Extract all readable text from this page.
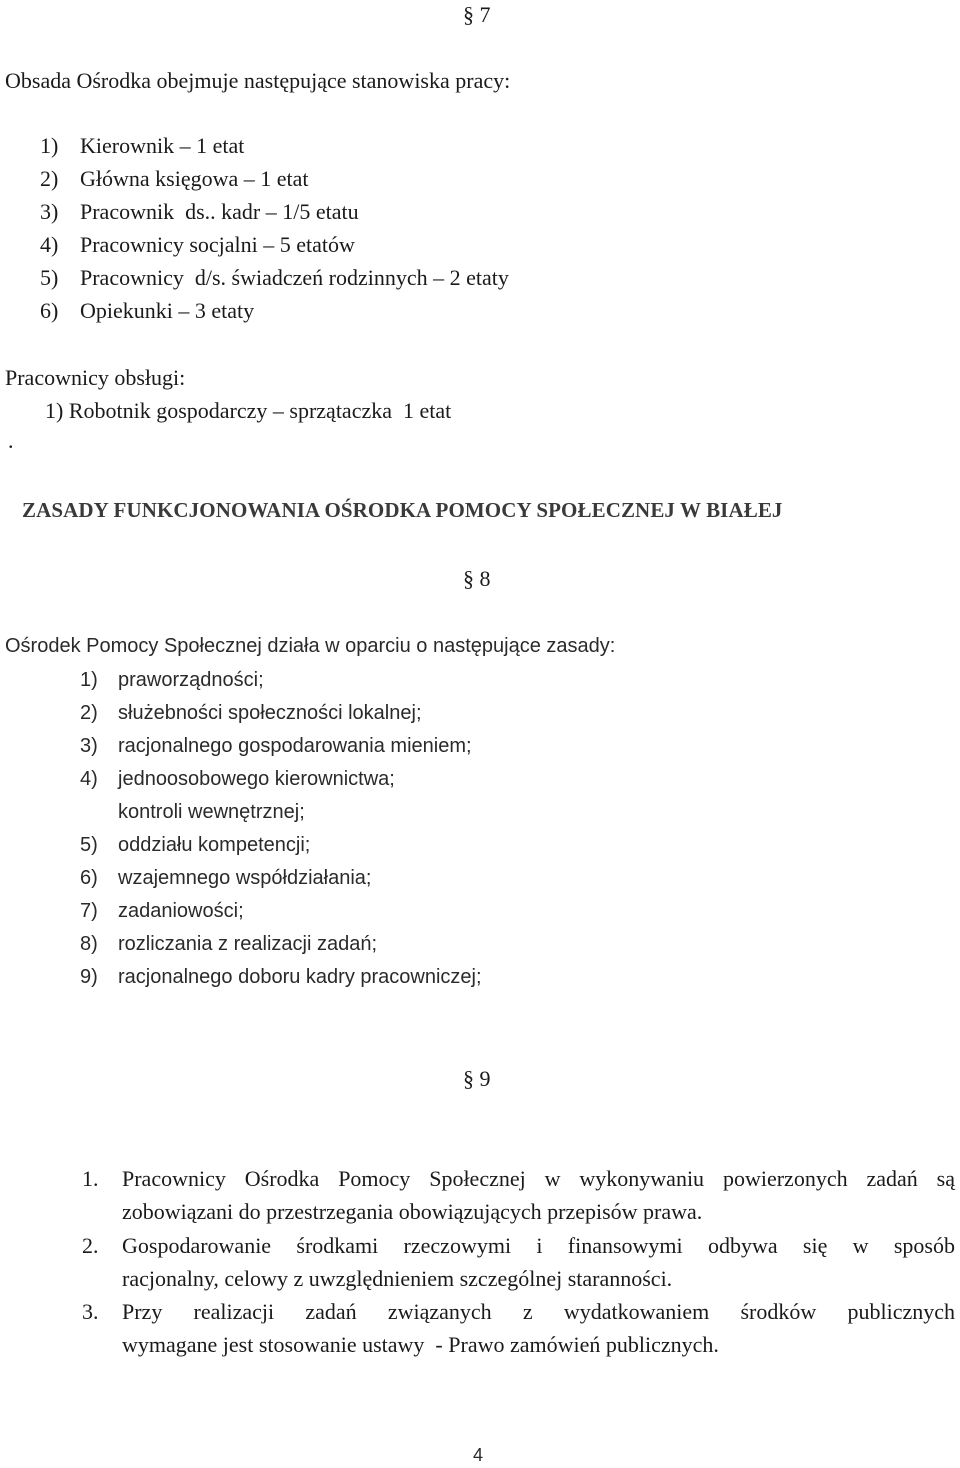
§ 7
Obsada Ośrodka obejmuje następujące stanowiska pracy:
1) Kierownik – 1 etat
2) Główna księgowa – 1 etat
3) Pracownik  ds.. kadr – 1/5 etatu
4) Pracownicy socjalni – 5 etatów
5) Pracownicy  d/s. świadczeń rodzinnych – 2 etaty
6) Opiekunki – 3 etaty
Pracownicy obsługi:
1) Robotnik gospodarczy – sprzątaczka  1 etat
.
ZASADY FUNKCJONOWANIA OŚRODKA POMOCY SPOŁECZNEJ W BIAŁEJ
§ 8
Ośrodek Pomocy Społecznej działa w oparciu o następujące zasady:
1) praworządności;
2) służebności społeczności lokalnej;
3) racjonalnego gospodarowania mieniem;
4) jednoosobowego kierownictwa;
kontroli wewnętrznej;
5) oddziału kompetencji;
6) wzajemnego współdziałania;
7) zadaniowości;
8) rozliczania z realizacji zadań;
9) racjonalnego doboru kadry pracowniczej;
§ 9
1. Pracownicy Ośrodka Pomocy Społecznej w wykonywaniu powierzonych zadań są
zobowiązani do przestrzegania obowiązujących przepisów prawa.
2. Gospodarowanie środkami rzeczowymi i finansowymi odbywa się w sposób
racjonalny, celowy z uwzględnieniem szczególnej staranności.
3. Przy realizacji zadań związanych z wydatkowaniem środków publicznych
wymagane jest stosowanie ustawy  - Prawo zamówień publicznych.
4
